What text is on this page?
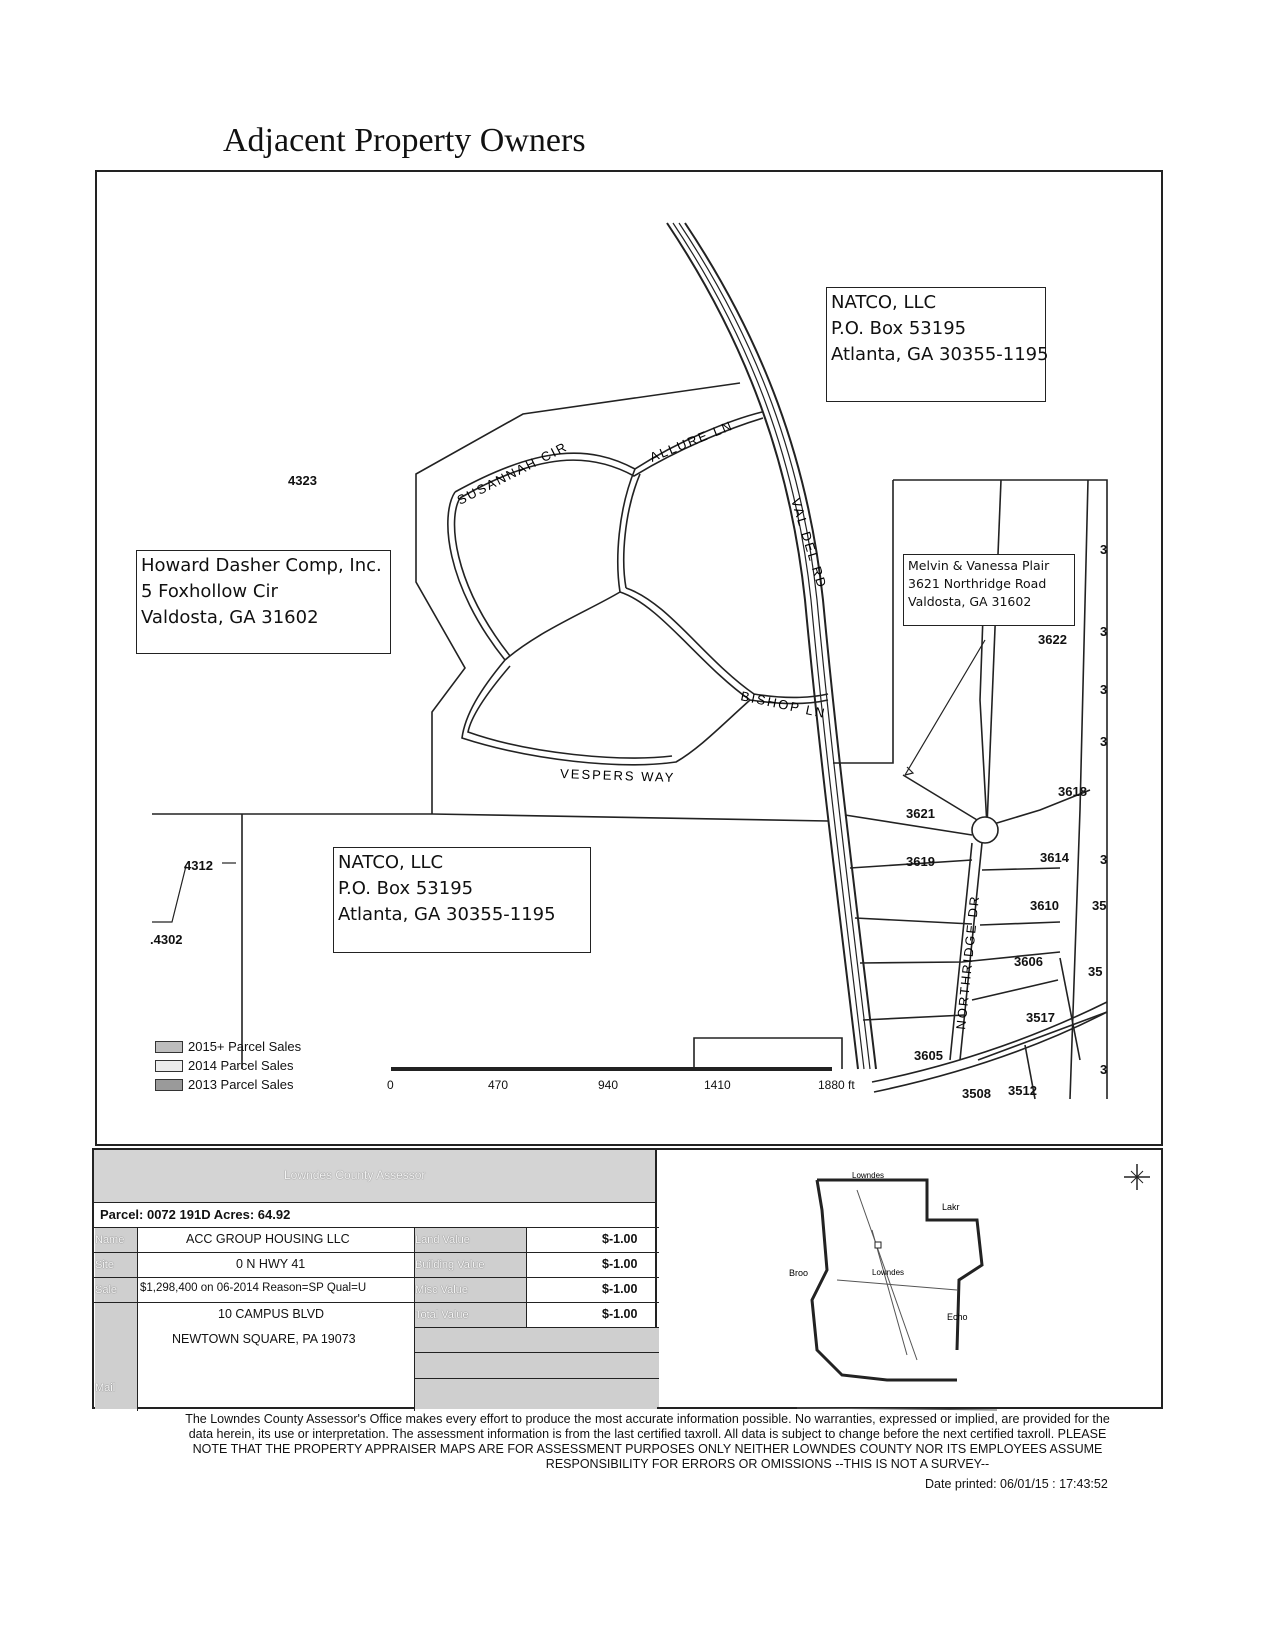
Adjacent Property Owners
SUSANNAH CIR	ALLURE LN
VAL DEL RD
BISHOP LN
VESPERS WAY
NORTHRIDGE DR
NATCO, LLC
P.O. Box 53195
Atlanta, GA 30355-1195
Howard Dasher Comp, Inc.
5 Foxhollow Cir
Valdosta, GA 31602
Melvin & Vanessa Plair
3621 Northridge Road
Valdosta, GA 31602
NATCO, LLC
P.O. Box 53195
Atlanta, GA 30355-1195
4323
4312
.4302
3622
3618
3621
3619	3614
3610
3606
3517
3605
3508 3512
3
3
3
3
3
35
35
3
2015+ Parcel Sales
2014 Parcel Sales
2013 Parcel Sales	0	470	940	1410	1880 ft
Lowndes County Assessor
Parcel: 0072 191D Acres: 64.92
Name	ACC GROUP HOUSING LLC
Site	0 N HWY 41
Sale	$1,298,400 on 06-2014 Reason=SP Qual=U
Mail
10 CAMPUS BLVD
NEWTOWN SQUARE, PA 19073
Land Value	$-1.00
Building Value	$-1.00
Misc Value	$-1.00
Total Value	$-1.00
Lowndes
Lakr
Broo	Lowndes
Echo
The Lowndes County Assessor's Office makes every effort to produce the most accurate information possible. No warranties, expressed or implied, are provided for the
data herein, its use or interpretation. The assessment information is from the last certified taxroll. All data is subject to change before the next certified taxroll. PLEASE
NOTE THAT THE PROPERTY APPRAISER MAPS ARE FOR ASSESSMENT PURPOSES ONLY NEITHER LOWNDES COUNTY NOR ITS EMPLOYEES ASSUME
RESPONSIBILITY FOR ERRORS OR OMISSIONS --THIS IS NOT A SURVEY--
Date printed: 06/01/15 : 17:43:52
